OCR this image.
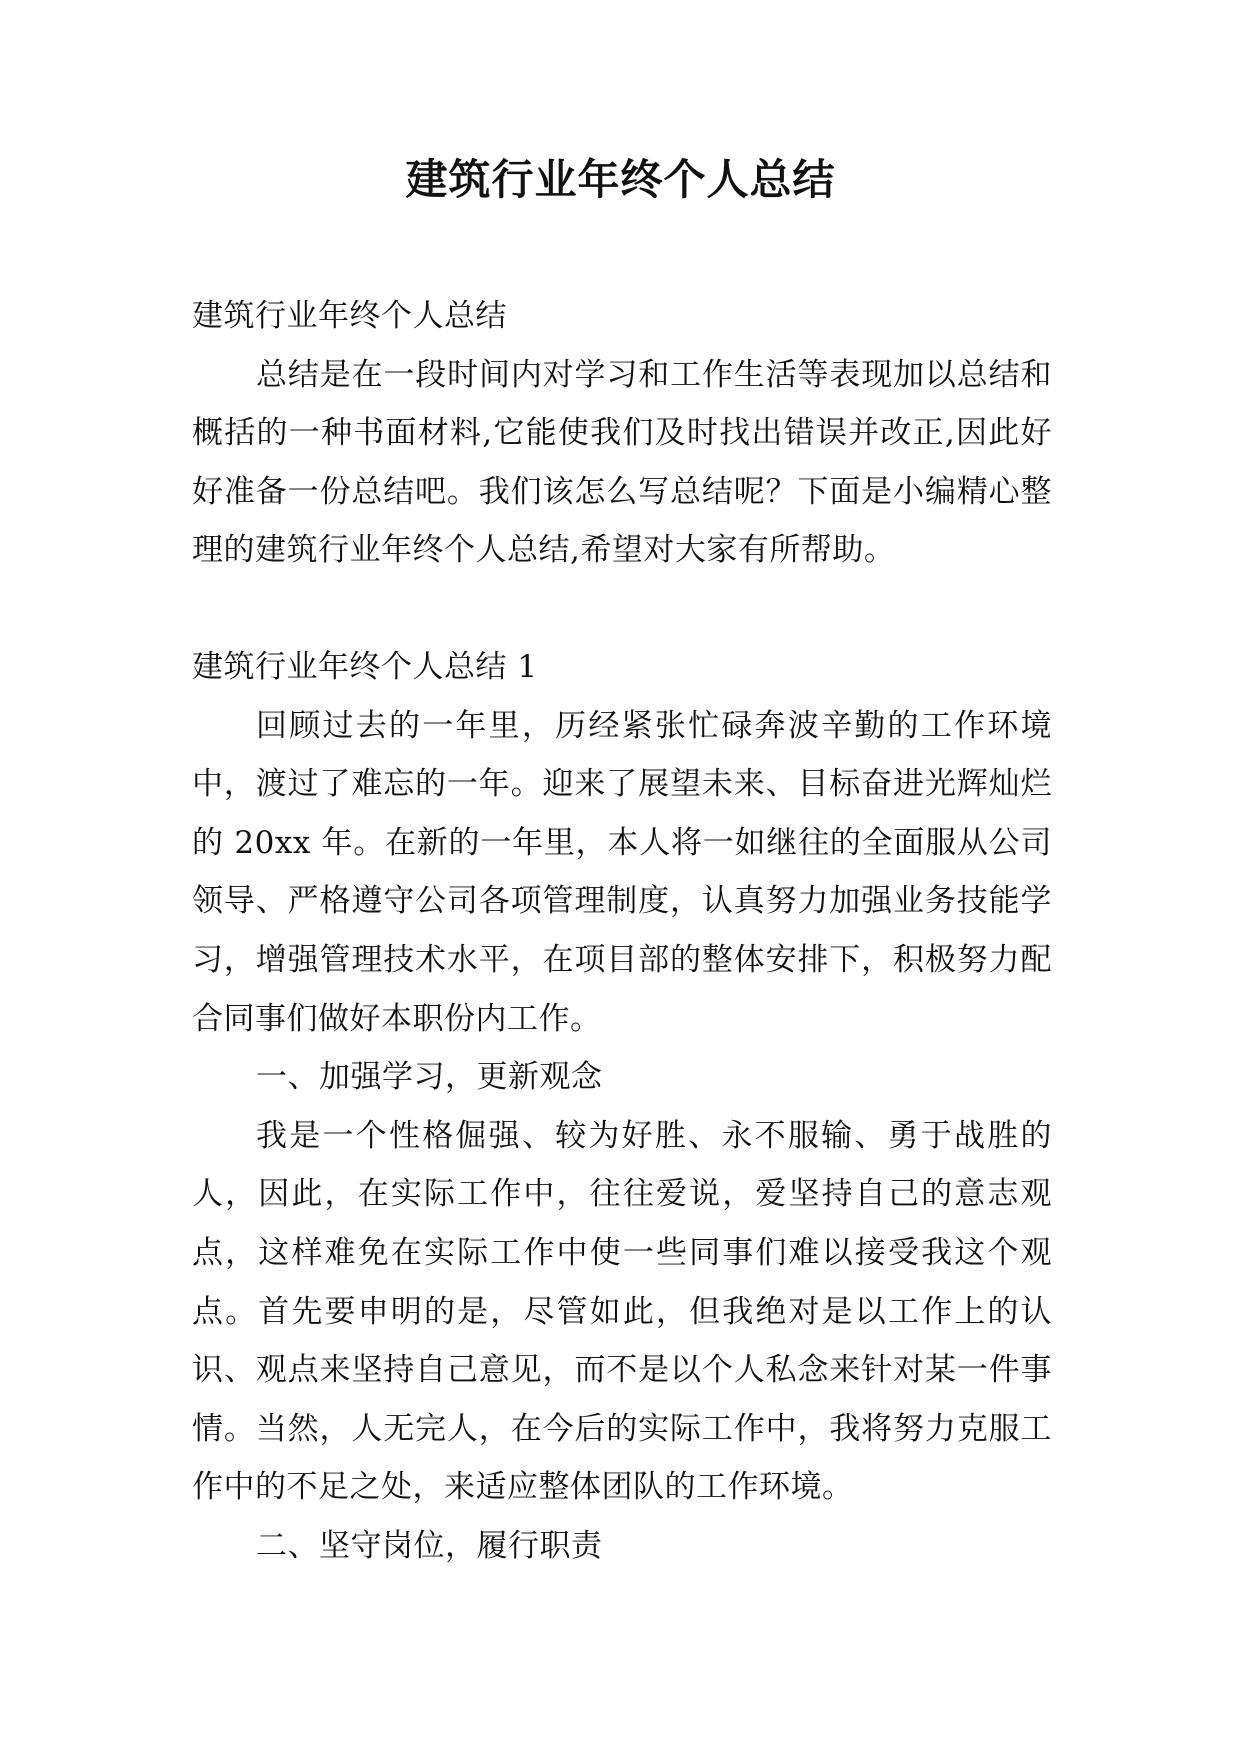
建筑行业年终个人总结

建筑行业年终个人总结

总结是在一段时间内对学习和工作生活等表现加以总结和概括的一种书面材料,它能使我们及时找出错误并改正,因此好好准备一份总结吧。我们该怎么写总结呢？下面是小编精心整理的建筑行业年终个人总结,希望对大家有所帮助。

建筑行业年终个人总结 1

回顾过去的一年里，历经紧张忙碌奔波辛勤的工作环境中，渡过了难忘的一年。迎来了展望未来、目标奋进光辉灿烂的 20xx 年。在新的一年里，本人将一如继往的全面服从公司领导、严格遵守公司各项管理制度，认真努力加强业务技能学习，增强管理技术水平，在项目部的整体安排下，积极努力配合同事们做好本职份内工作。

一、加强学习，更新观念

我是一个性格倔强、较为好胜、永不服输、勇于战胜的人，因此，在实际工作中，往往爱说，爱坚持自己的意志观点，这样难免在实际工作中使一些同事们难以接受我这个观点。首先要申明的是，尽管如此，但我绝对是以工作上的认识、观点来坚持自己意见，而不是以个人私念来针对某一件事情。当然，人无完人，在今后的实际工作中，我将努力克服工作中的不足之处，来适应整体团队的工作环境。

二、坚守岗位，履行职责
